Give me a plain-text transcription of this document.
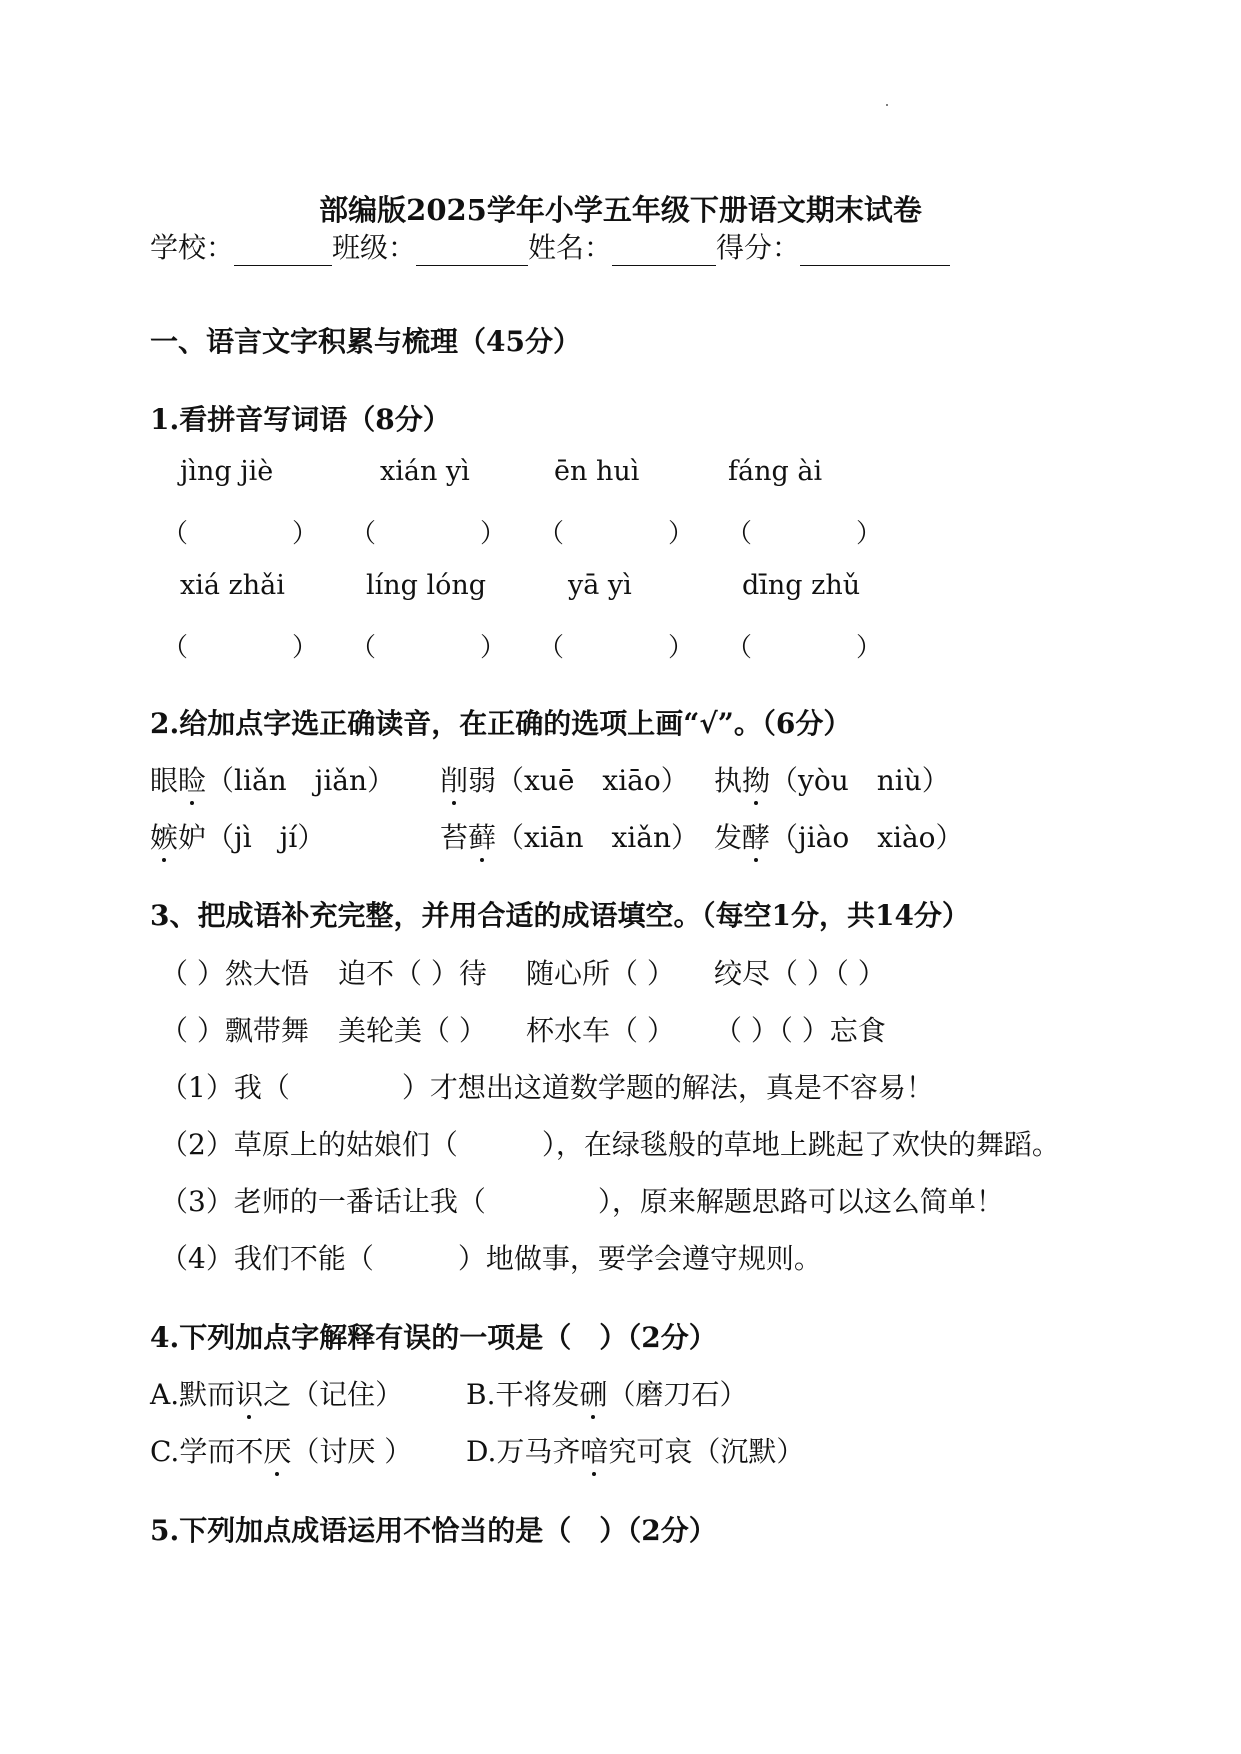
部编版2025学年小学五年级下册语文期末试卷
学校：	班级：	姓名：	得分：
一、语言文字积累与梳理（45分）
1.看拼音写词语（8分）
jìng jiè	xián yì	ēn huì	fáng ài
（	） （	） （	） （	）
xiá zhǎi	líng lóng	yā yì	dīng zhǔ
（	） （	） （	） （	）
2.给加点字选正确读音，在正确的选项上画“√”。（6分）
眼睑（liǎn　jiǎn） 削弱（xuē　xiāo） 执拗（yòu　niù）
嫉妒（jì　jí）	苔藓（xiān　xiǎn） 发酵（jiào　xiào）
3、把成语补充完整，并用合适的成语填空。（每空1分，共14分）
（ ）然大悟 迫不（ ）待 随心所（ ） 绞尽（ ）（ ）
（ ）飘带舞 美轮美（ ） 杯水车（ ） （ ）（ ）忘食
（1）我（　　　　）才想出这道数学题的解法，真是不容易！
（2）草原上的姑娘们（　　　），在绿毯般的草地上跳起了欢快的舞蹈。
（3）老师的一番话让我（　　　　），原来解题思路可以这么简单！
（4）我们不能（　　　）地做事，要学会遵守规则。
4.下列加点字解释有误的一项是（　）（2分）
A.默而识之（记住） B.干将发硎（磨刀石）
C.学而不厌（讨厌 ） D.万马齐喑究可哀（沉默）
5.下列加点成语运用不恰当的是（　）（2分）
